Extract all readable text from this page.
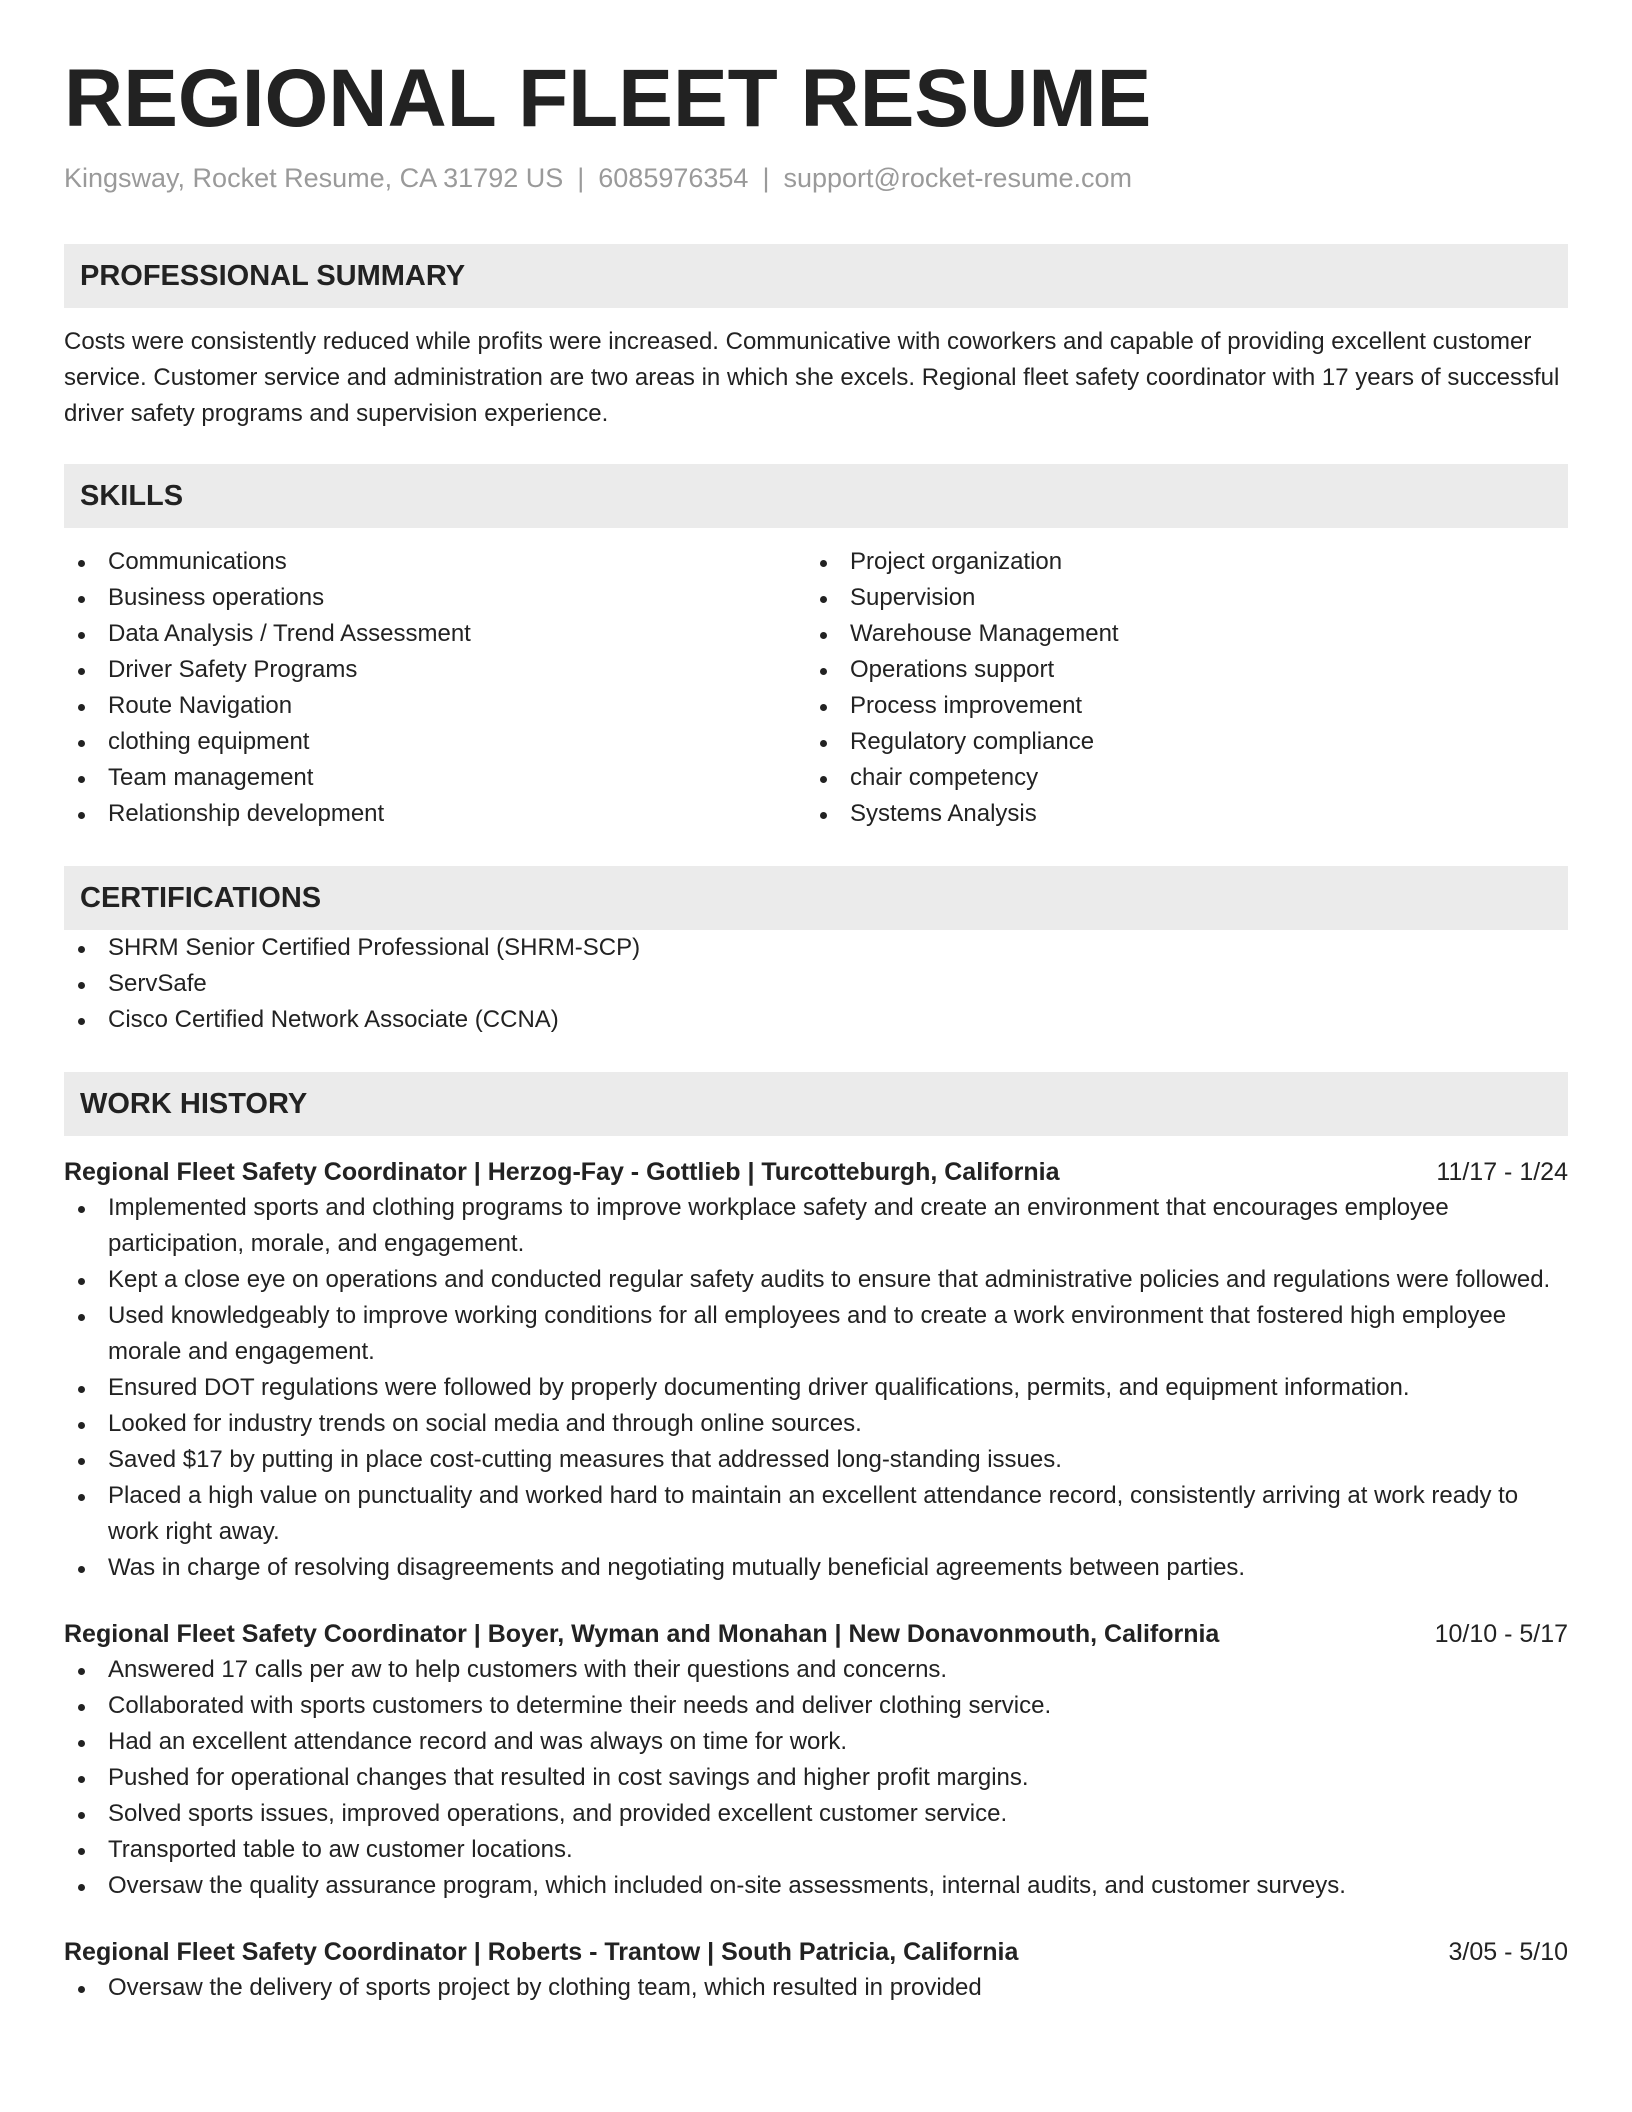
REGIONAL FLEET RESUME
Kingsway, Rocket Resume, CA 31792 US | 6085976354 | support@rocket-resume.com
PROFESSIONAL SUMMARY

Costs were consistently reduced while profits were increased. Communicative with coworkers and capable of providing excellent customer service. Customer service and administration are two areas in which she excels. Regional fleet safety coordinator with 17 years of successful driver safety programs and supervision experience.

SKILLS
Communications
Business operations
Data Analysis / Trend Assessment
Driver Safety Programs
Route Navigation
clothing equipment
Team management
Relationship development
Project organization
Supervision
Warehouse Management
Operations support
Process improvement
Regulatory compliance
chair competency
Systems Analysis
CERTIFICATIONS
SHRM Senior Certified Professional (SHRM-SCP)
ServSafe
Cisco Certified Network Associate (CCNA)
WORK HISTORY
Regional Fleet Safety Coordinator | Herzog-Fay - Gottlieb | Turcotteburgh, California	11/17 - 1/24
Implemented sports and clothing programs to improve workplace safety and create an environment that encourages employee participation, morale, and engagement.
Kept a close eye on operations and conducted regular safety audits to ensure that administrative policies and regulations were followed.
Used knowledgeably to improve working conditions for all employees and to create a work environment that fostered high employee morale and engagement.
Ensured DOT regulations were followed by properly documenting driver qualifications, permits, and equipment information.
Looked for industry trends on social media and through online sources.
Saved $17 by putting in place cost-cutting measures that addressed long-standing issues.
Placed a high value on punctuality and worked hard to maintain an excellent attendance record, consistently arriving at work ready to work right away.
Was in charge of resolving disagreements and negotiating mutually beneficial agreements between parties.
Regional Fleet Safety Coordinator | Boyer, Wyman and Monahan | New Donavonmouth, California	10/10 - 5/17
Answered 17 calls per aw to help customers with their questions and concerns.
Collaborated with sports customers to determine their needs and deliver clothing service.
Had an excellent attendance record and was always on time for work.
Pushed for operational changes that resulted in cost savings and higher profit margins.
Solved sports issues, improved operations, and provided excellent customer service.
Transported table to aw customer locations.
Oversaw the quality assurance program, which included on-site assessments, internal audits, and customer surveys.
Regional Fleet Safety Coordinator | Roberts - Trantow | South Patricia, California	3/05 - 5/10
Oversaw the delivery of sports project by clothing team, which resulted in provided
